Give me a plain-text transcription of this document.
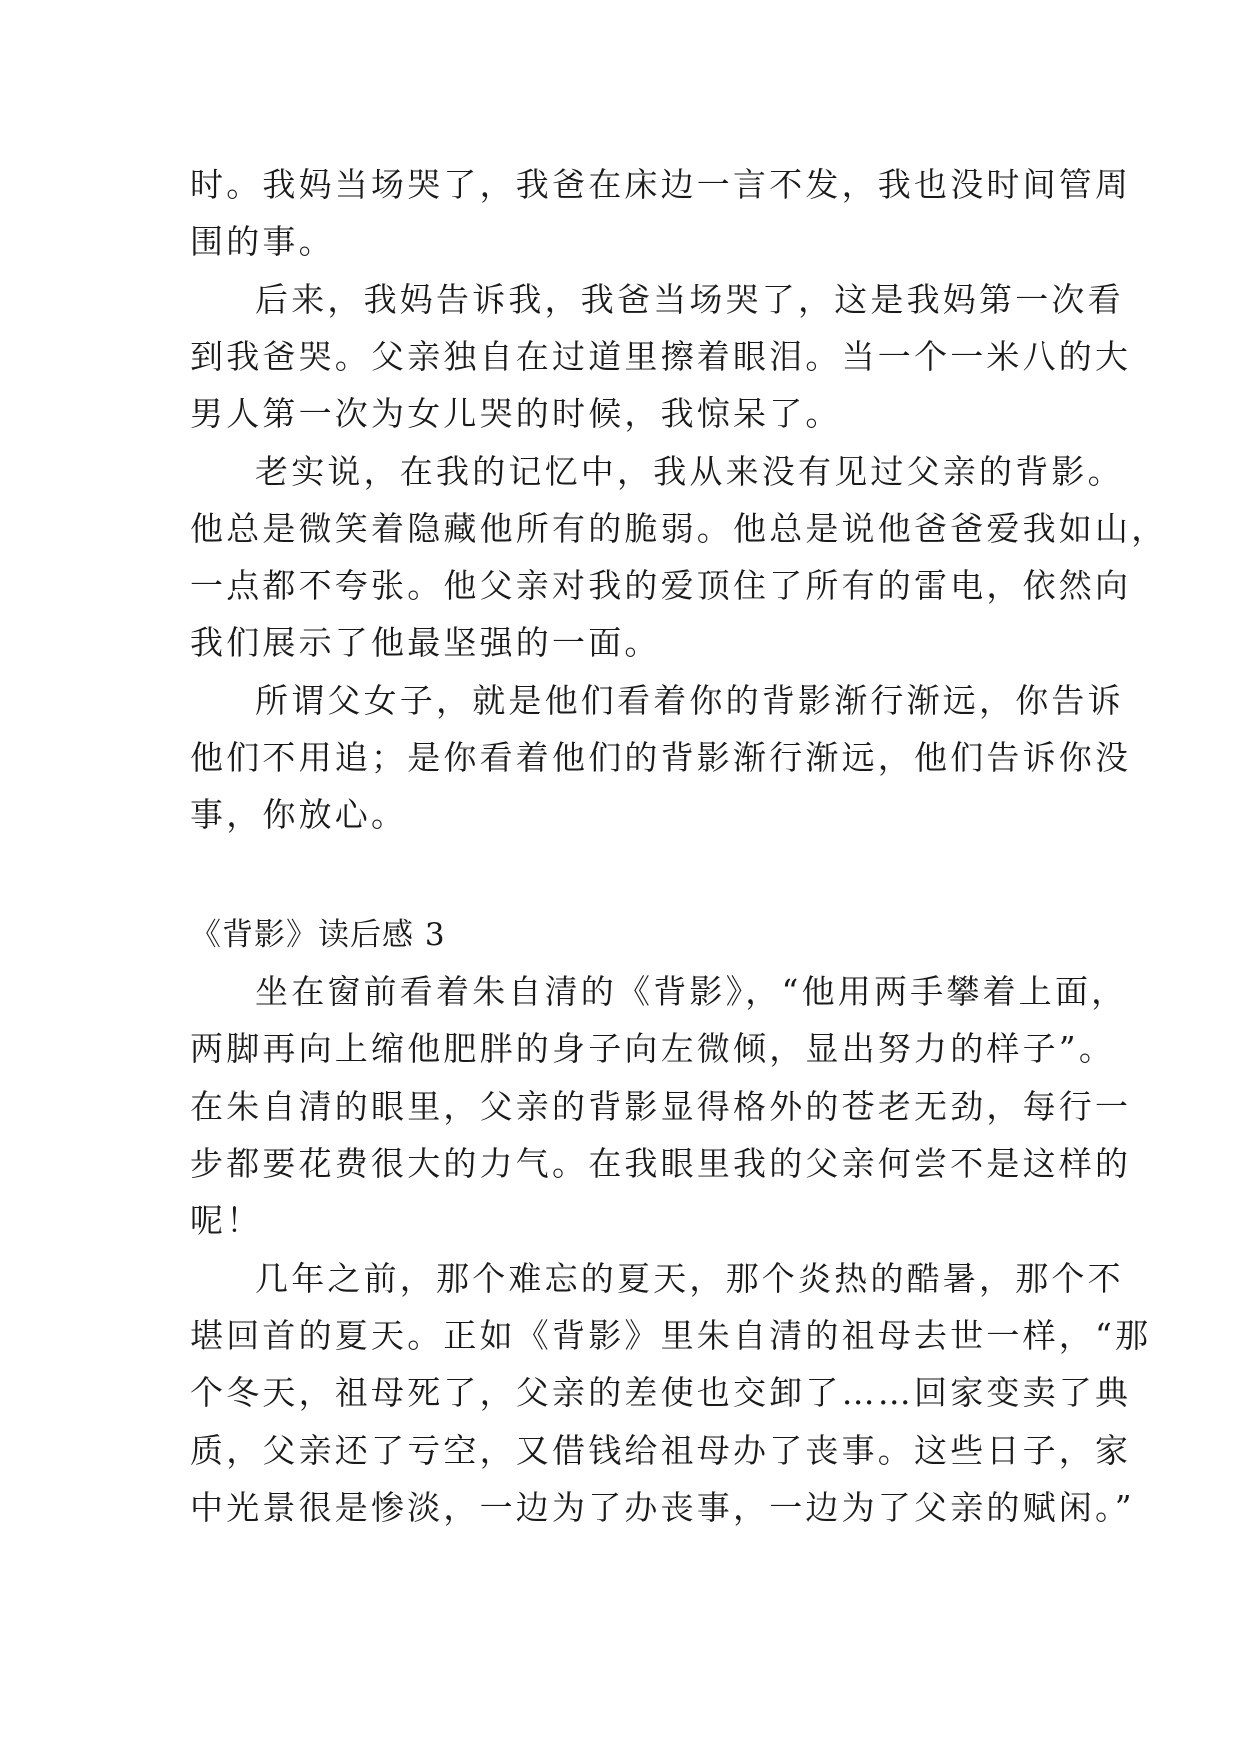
时。我妈当场哭了，我爸在床边一言不发，我也没时间管周
围的事。
后来，我妈告诉我，我爸当场哭了，这是我妈第一次看
到我爸哭。父亲独自在过道里擦着眼泪。当一个一米八的大
男人第一次为女儿哭的时候，我惊呆了。
老实说，在我的记忆中，我从来没有见过父亲的背影。
他总是微笑着隐藏他所有的脆弱。他总是说他爸爸爱我如山，
一点都不夸张。他父亲对我的爱顶住了所有的雷电，依然向
我们展示了他最坚强的一面。
所谓父女子，就是他们看着你的背影渐行渐远，你告诉
他们不用追；是你看着他们的背影渐行渐远，他们告诉你没
事，你放心。
《背影》读后感 3
坐在窗前看着朱自清的《背影》，“他用两手攀着上面，
两脚再向上缩他肥胖的身子向左微倾，显出努力的样子”。
在朱自清的眼里，父亲的背影显得格外的苍老无劲，每行一
步都要花费很大的力气。在我眼里我的父亲何尝不是这样的
呢！
几年之前，那个难忘的夏天，那个炎热的酷暑，那个不
堪回首的夏天。正如《背影》里朱自清的祖母去世一样，“那
个冬天，祖母死了，父亲的差使也交卸了……回家变卖了典
质，父亲还了亏空，又借钱给祖母办了丧事。这些日子，家
中光景很是惨淡，一边为了办丧事，一边为了父亲的赋闲。”
